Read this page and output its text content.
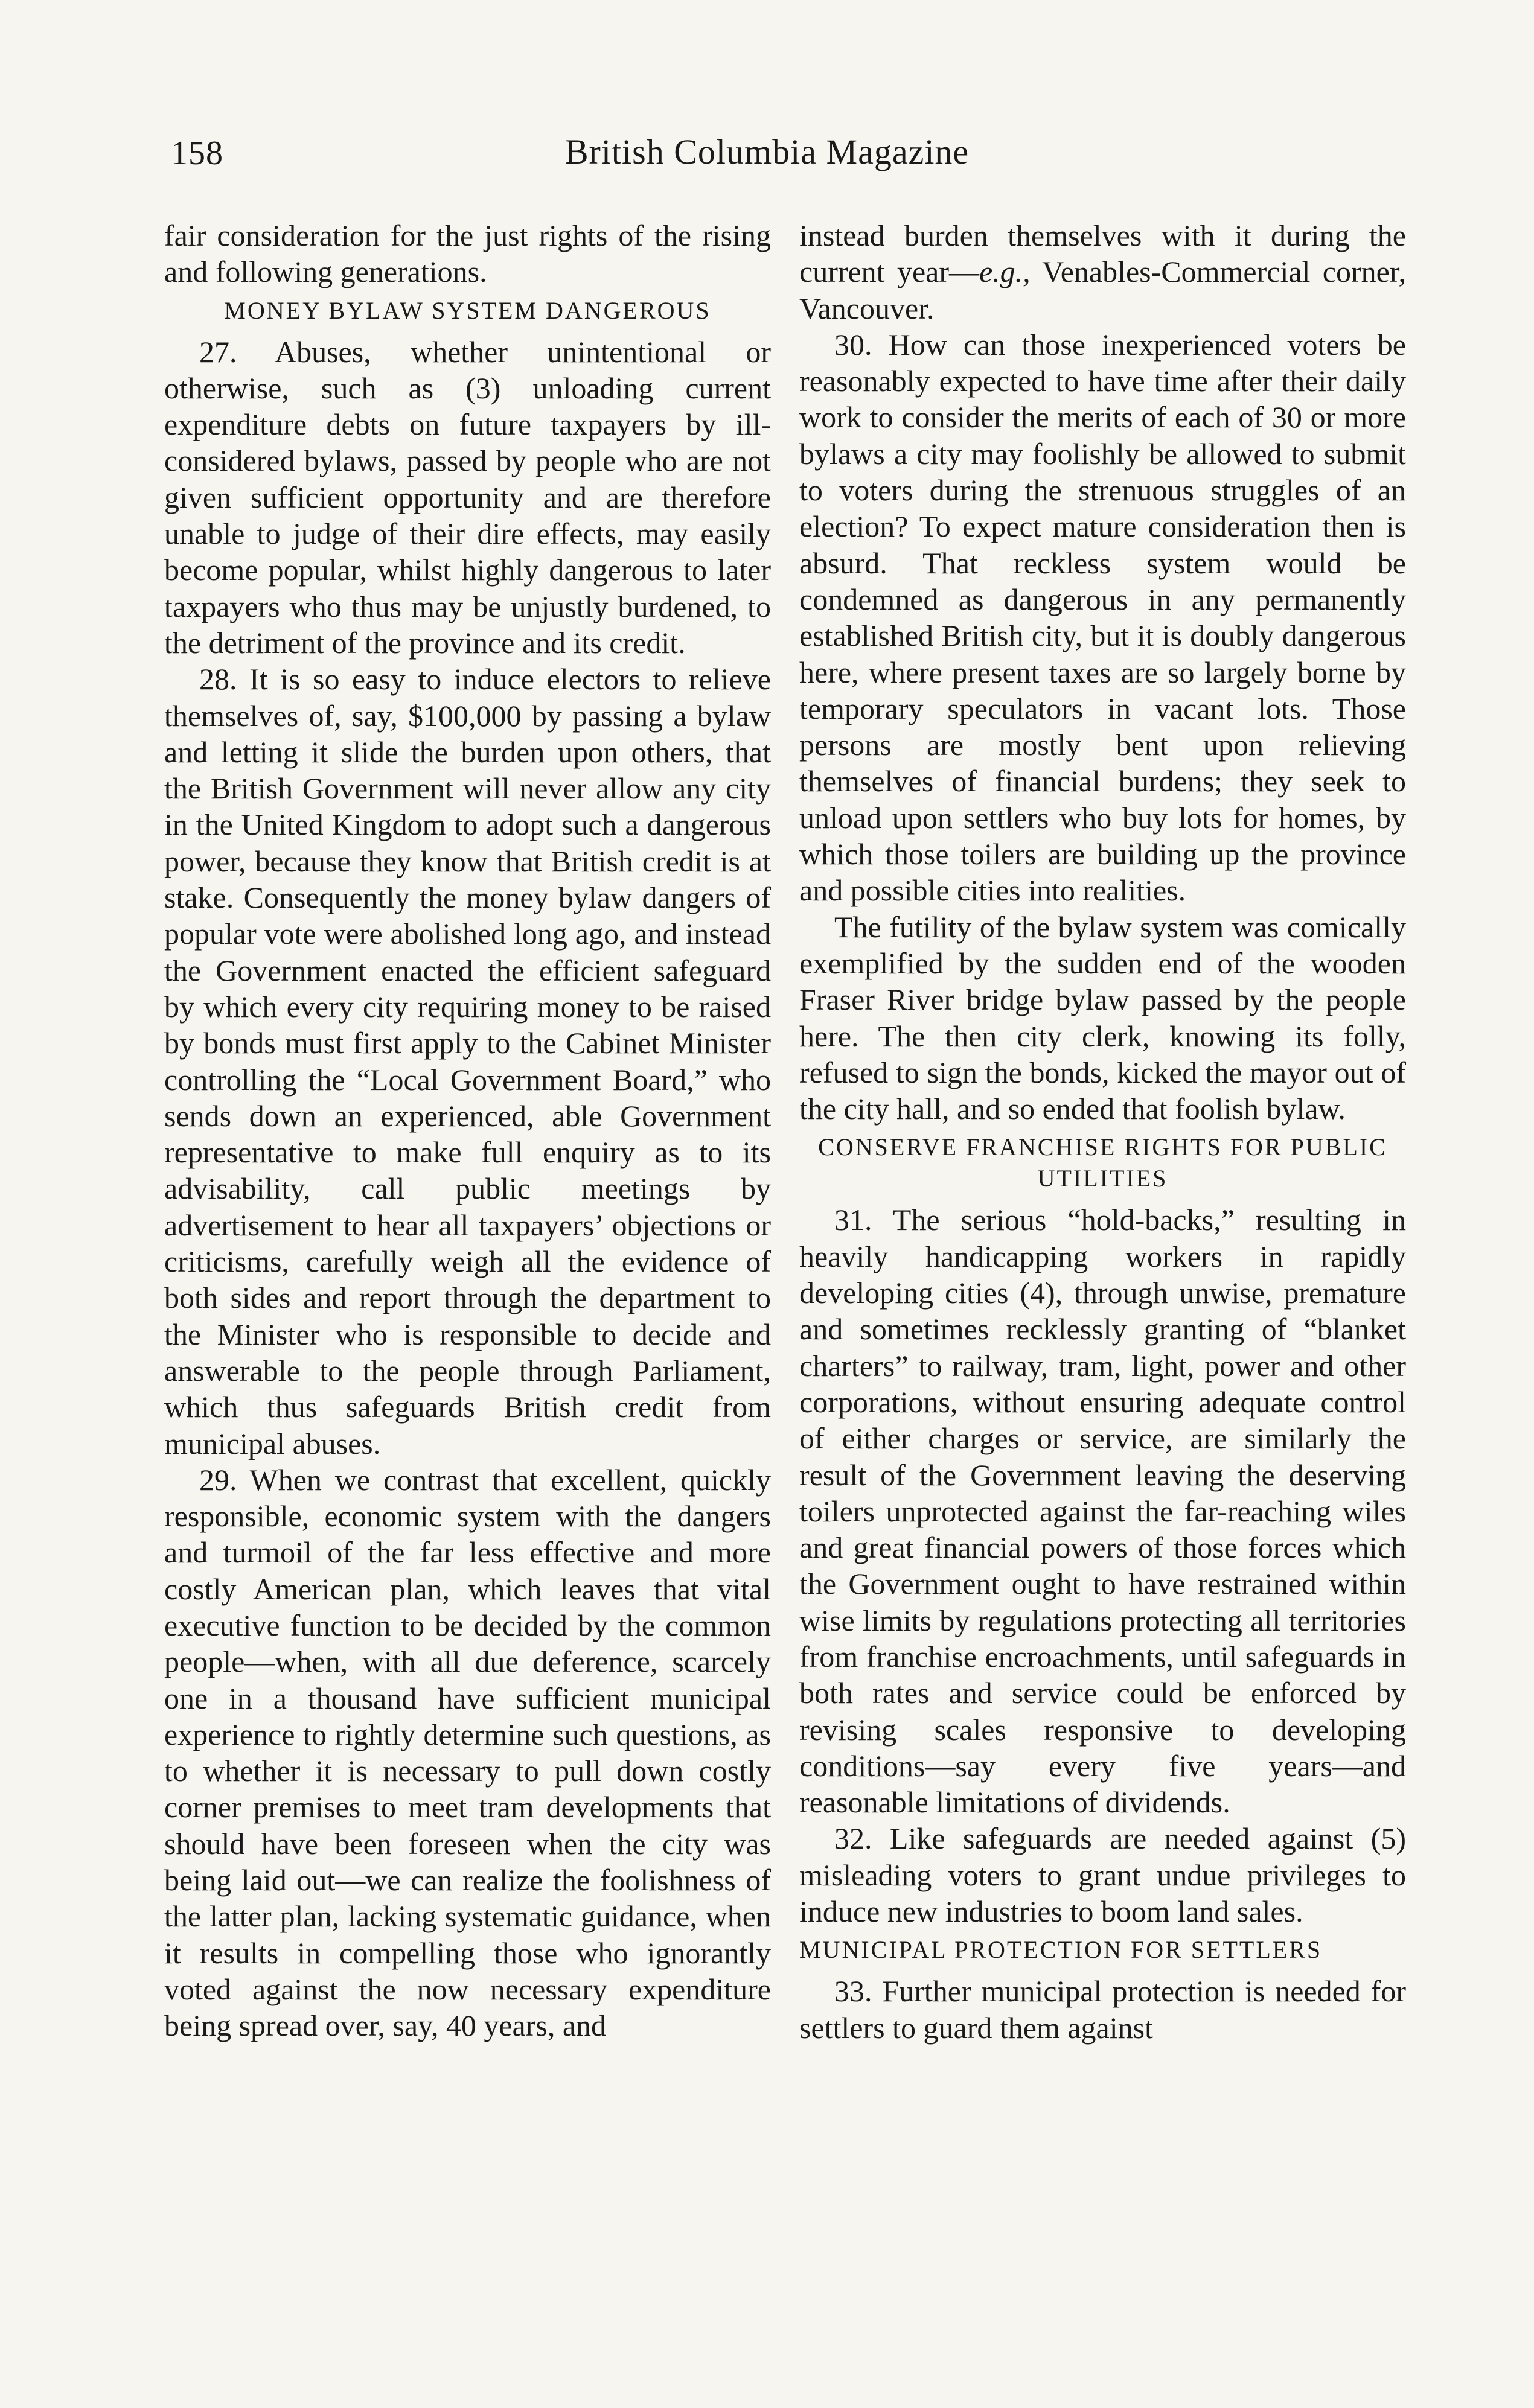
158	British Columbia Magazine

fair consideration for the just rights of the rising and following generations.

MONEY BYLAW SYSTEM DANGEROUS

27. Abuses, whether unintentional or otherwise, such as (3) unloading current expenditure debts on future taxpayers by ill-considered bylaws, passed by people who are not given sufficient opportunity and are therefore unable to judge of their dire effects, may easily become popular, whilst highly dangerous to later taxpayers who thus may be unjustly burdened, to the detriment of the province and its credit.

28. It is so easy to induce electors to relieve themselves of, say, $100,000 by passing a bylaw and letting it slide the burden upon others, that the British Government will never allow any city in the United Kingdom to adopt such a dangerous power, because they know that British credit is at stake. Consequently the money bylaw dangers of popular vote were abolished long ago, and instead the Government enacted the efficient safeguard by which every city requiring money to be raised by bonds must first apply to the Cabinet Minister controlling the “Local Government Board,” who sends down an experienced, able Government representative to make full enquiry as to its advisability, call public meetings by advertisement to hear all taxpayers’ objections or criticisms, carefully weigh all the evidence of both sides and report through the department to the Minister who is responsible to decide and answerable to the people through Parliament, which thus safeguards British credit from municipal abuses.

29. When we contrast that excellent, quickly responsible, economic system with the dangers and turmoil of the far less effective and more costly American plan, which leaves that vital executive function to be decided by the common people—when, with all due deference, scarcely one in a thousand have sufficient municipal experience to rightly determine such questions, as to whether it is necessary to pull down costly corner premises to meet tram developments that should have been foreseen when the city was being laid out—we can realize the foolishness of the latter plan, lacking systematic guidance, when it results in compelling those who ignorantly voted against the now necessary expenditure being spread over, say, 40 years, and

instead burden themselves with it during the current year—e.g., Venables-Commercial corner, Vancouver.

30. How can those inexperienced voters be reasonably expected to have time after their daily work to consider the merits of each of 30 or more bylaws a city may foolishly be allowed to submit to voters during the strenuous struggles of an election? To expect mature consideration then is absurd. That reckless system would be condemned as dangerous in any permanently established British city, but it is doubly dangerous here, where present taxes are so largely borne by temporary speculators in vacant lots. Those persons are mostly bent upon relieving themselves of financial burdens; they seek to unload upon settlers who buy lots for homes, by which those toilers are building up the province and possible cities into realities.

The futility of the bylaw system was comically exemplified by the sudden end of the wooden Fraser River bridge bylaw passed by the people here. The then city clerk, knowing its folly, refused to sign the bonds, kicked the mayor out of the city hall, and so ended that foolish bylaw.

CONSERVE FRANCHISE RIGHTS FOR PUBLIC UTILITIES

31. The serious “hold-backs,” resulting in heavily handicapping workers in rapidly developing cities (4), through unwise, premature and sometimes recklessly granting of “blanket charters” to railway, tram, light, power and other corporations, without ensuring adequate control of either charges or service, are similarly the result of the Government leaving the deserving toilers unprotected against the far-reaching wiles and great financial powers of those forces which the Government ought to have restrained within wise limits by regulations protecting all territories from franchise encroachments, until safeguards in both rates and service could be enforced by revising scales responsive to developing conditions—say every five years—and reasonable limitations of dividends.

32. Like safeguards are needed against (5) misleading voters to grant undue privileges to induce new industries to boom land sales.

MUNICIPAL PROTECTION FOR SETTLERS

33. Further municipal protection is needed for settlers to guard them against
